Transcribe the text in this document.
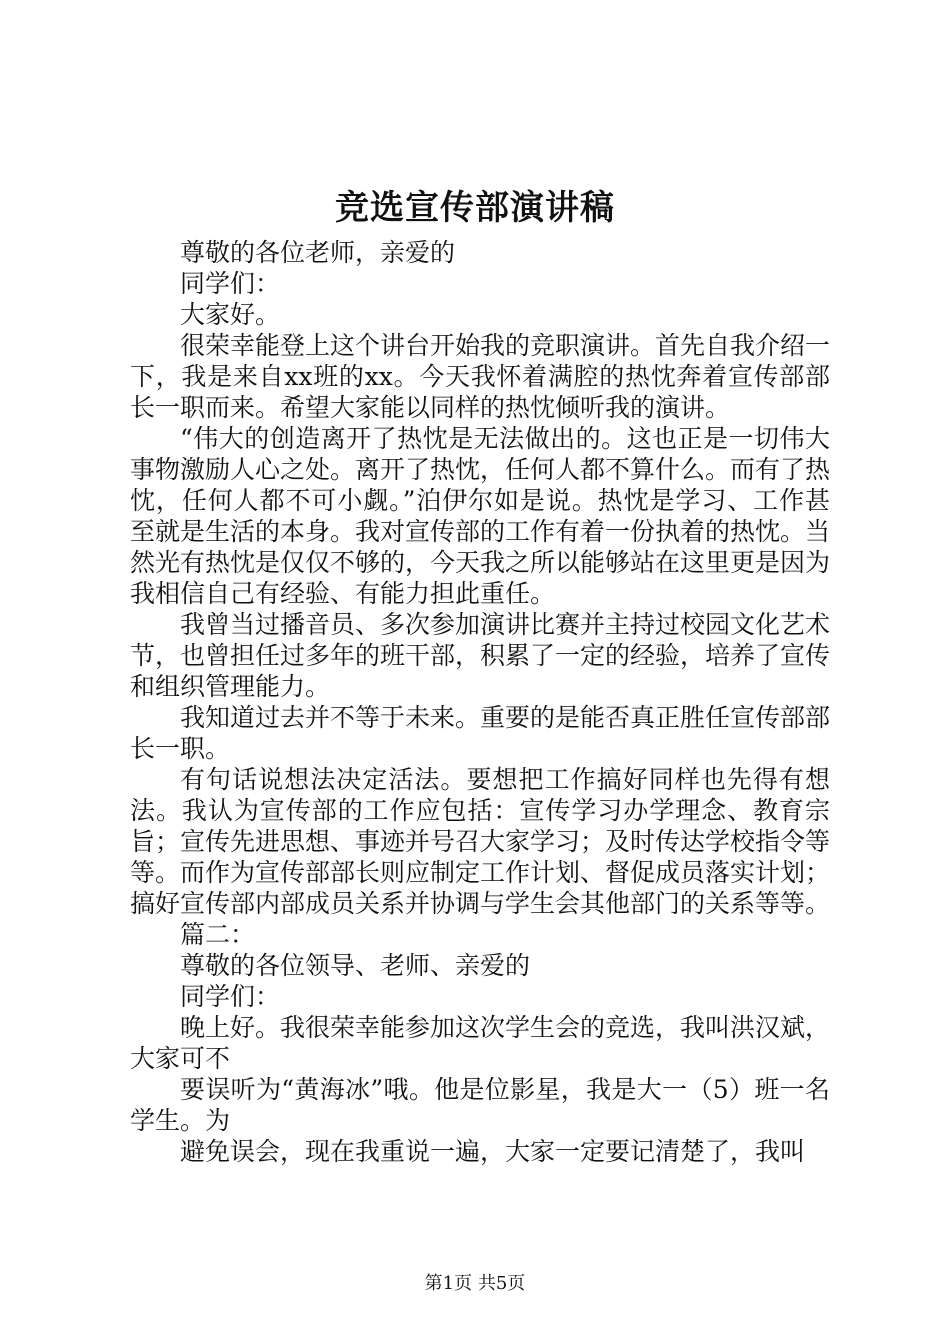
竞选宣传部演讲稿

尊敬的各位老师，亲爱的

同学们：

大家好。

很荣幸能登上这个讲台开始我的竞职演讲。首先自我介绍一下，我是来自xx班的xx。今天我怀着满腔的热忱奔着宣传部部长一职而来。希望大家能以同样的热忱倾听我的演讲。

“伟大的创造离开了热忱是无法做出的。这也正是一切伟大事物激励人心之处。离开了热忱，任何人都不算什么。而有了热忱，任何人都不可小觑。”泊伊尔如是说。热忱是学习、工作甚至就是生活的本身。我对宣传部的工作有着一份执着的热忱。当然光有热忱是仅仅不够的，今天我之所以能够站在这里更是因为我相信自己有经验、有能力担此重任。

我曾当过播音员、多次参加演讲比赛并主持过校园文化艺术节，也曾担任过多年的班干部，积累了一定的经验，培养了宣传和组织管理能力。

我知道过去并不等于未来。重要的是能否真正胜任宣传部部长一职。

有句话说想法决定活法。要想把工作搞好同样也先得有想法。我认为宣传部的工作应包括：宣传学习办学理念、教育宗旨；宣传先进思想、事迹并号召大家学习；及时传达学校指令等等。而作为宣传部部长则应制定工作计划、督促成员落实计划；搞好宣传部内部成员关系并协调与学生会其他部门的关系等等。

篇二：

尊敬的各位领导、老师、亲爱的

同学们：

晚上好。我很荣幸能参加这次学生会的竞选，我叫洪汉斌，大家可不

要误听为“黄海冰”哦。他是位影星，我是大一（5）班一名学生。为

避免误会，现在我重说一遍，大家一定要记清楚了，我叫

第1页 共5页
